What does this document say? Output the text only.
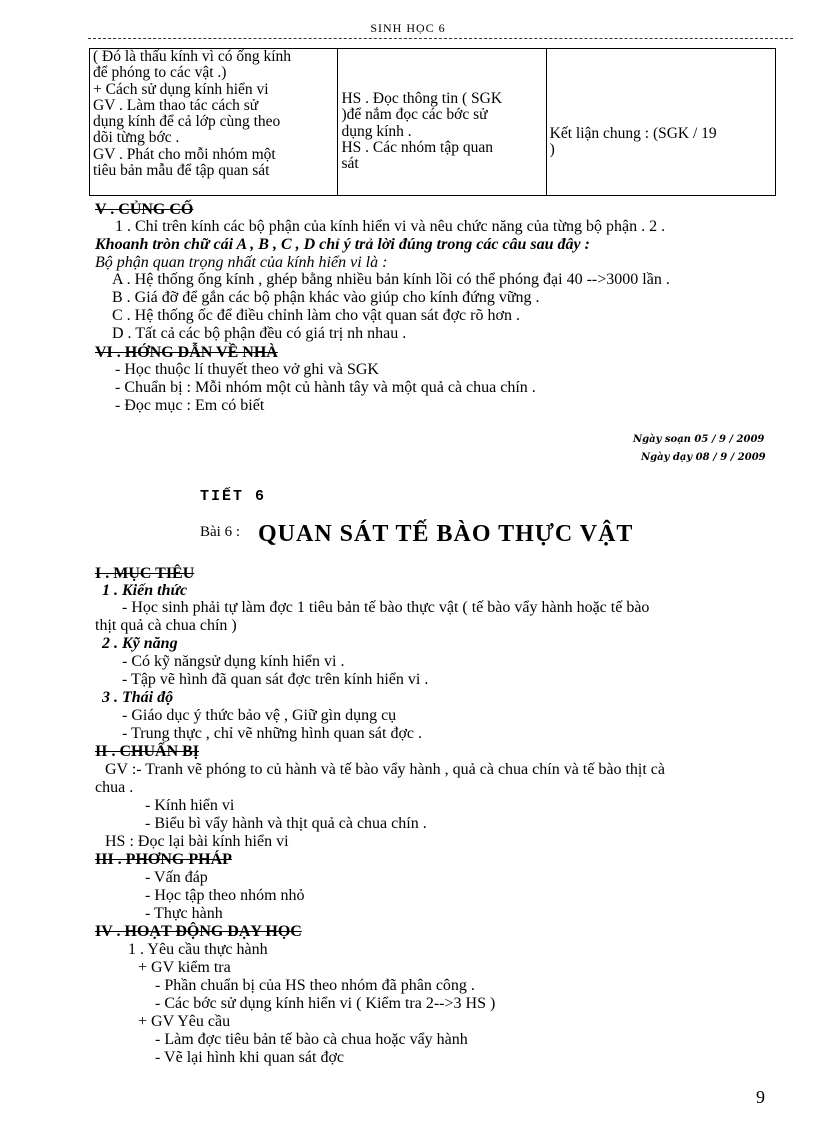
SINH HỌC 6
( Đó là thấu kính vì có ống kính
để phóng to các vật .)
+ Cách sử dụng kính hiển vi
GV . Làm thao tác cách sử
dụng kính để cả lớp cùng theo
dõi từng bớc .
GV . Phát cho mỗi nhóm một
tiêu bản mẫu để tập quan sát

HS . Đọc thông tin ( SGK
)để nắm đọc các bớc sử
dụng kính .
HS . Các nhóm tập quan
sát

Kết liận chung : (SGK / 19
)
V . CỦNG CỐ
1 . Chỉ trên kính các bộ phận của kính hiển vi và nêu chức năng của từng bộ phận . 2 .
Khoanh tròn chữ cái A , B , C , D chỉ ý trả lời đúng trong các câu sau đây :
Bộ phận quan trọng nhất của kính hiển vi là :
A . Hệ thống ống kính , ghép bằng nhiều bản kính lồi có thể phóng đại 40 -->3000 lần .
B . Giá đỡ để gắn các bộ phận khác vào giúp cho kính đứng vững .
C . Hệ thống ốc để điều chỉnh làm cho vật quan sát đợc rõ hơn .
D . Tất cả các bộ phận đều có giá trị nh nhau .
VI . HỚNG DẪN VỀ NHÀ
- Học thuộc lí thuyết theo vở ghi và SGK
- Chuẩn bị : Mỗi nhóm một củ hành tây và một quả cà chua chín .
- Đọc mục : Em có biết
Ngày soạn 05 / 9 / 2009
Ngày dạy 08 / 9 / 2009
TIẾT 6
Bài 6 : QUAN SÁT TẾ BÀO THỰC VẬT
I . MỤC TIÊU
1 . Kiến thức
- Học sinh phải tự làm đợc 1 tiêu bản tế bào thực vật ( tế bào vẩy hành hoặc tế bào
thịt quả cà chua chín )
2 . Kỹ năng
- Có kỹ năngsử dụng kính hiển vi .
- Tập vẽ hình đã quan sát đợc trên kính hiển vi .
3 . Thái độ
- Giáo dục ý thức bảo vệ , Giữ gìn dụng cụ
- Trung thực , chỉ vẽ những hình quan sát đợc .
II . CHUẨN BỊ
GV :- Tranh vẽ phóng to củ hành và tế bào vẩy hành , quả cà chua chín và tế bào thịt cà
chua .
- Kính hiển vi
- Biểu bì vẩy hành và thịt quả cà chua chín .
HS : Đọc lại bài kính hiển vi
III . PHƠNG PHÁP
- Vấn đáp
- Học tập theo nhóm nhỏ
- Thực hành
IV . HOẠT ĐỘNG DẠY HỌC
1 . Yêu cầu thực hành
+ GV kiểm tra
- Phần chuẩn bị của HS theo nhóm đã phân công .
- Các bớc sử dụng kính hiển vi ( Kiểm tra 2-->3 HS )
+ GV Yêu cầu
- Làm đợc tiêu bản tế bào cà chua hoặc vẩy hành
- Vẽ lại hình khi quan sát đợc
9
